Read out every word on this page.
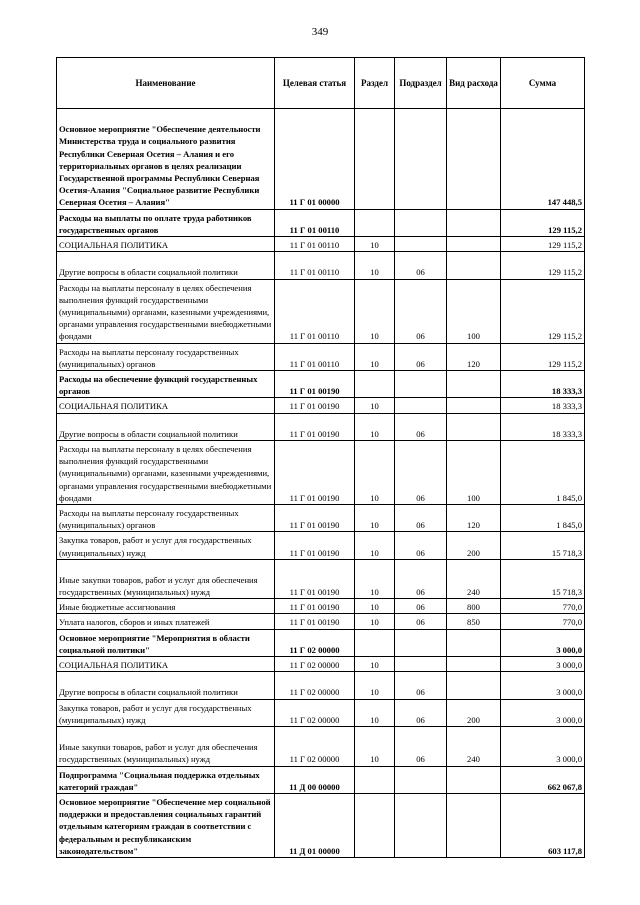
349
Наименование	Целевая статья	Раздел	Подраздел	Вид расхода	Сумма
Основное мероприятие "Обеспечение деятельности Министерства труда и социального развития Республики Северная Осетия – Алания и его территориальных органов в целях реализации Государственной программы Республики Северная Осетия-Алания "Социальное развитие Республики Северная Осетия – Алания"	11 Г 01 00000				147 448,5
Расходы на выплаты по оплате труда работников государственных органов	11 Г 01 00110				129 115,2
СОЦИАЛЬНАЯ ПОЛИТИКА	11 Г 01 00110	10			129 115,2
Другие вопросы в области социальной политики	11 Г 01 00110	10	06		129 115,2
Расходы на выплаты персоналу в целях обеспечения выполнения функций государственными (муниципальными) органами, казенными учреждениями, органами управления государственными внебюджетными фондами	11 Г 01 00110	10	06	100	129 115,2
Расходы на выплаты персоналу государственных (муниципальных) органов	11 Г 01 00110	10	06	120	129 115,2
Расходы на обеспечение функций государственных органов	11 Г 01 00190				18 333,3
СОЦИАЛЬНАЯ ПОЛИТИКА	11 Г 01 00190	10			18 333,3
Другие вопросы в области социальной политики	11 Г 01 00190	10	06		18 333,3
Расходы на выплаты персоналу в целях обеспечения выполнения функций государственными (муниципальными) органами, казенными учреждениями, органами управления государственными внебюджетными фондами	11 Г 01 00190	10	06	100	1 845,0
Расходы на выплаты персоналу государственных (муниципальных) органов	11 Г 01 00190	10	06	120	1 845,0
Закупка товаров, работ и услуг для государственных (муниципальных) нужд	11 Г 01 00190	10	06	200	15 718,3
Иные закупки товаров, работ и услуг для обеспечения государственных (муниципальных) нужд	11 Г 01 00190	10	06	240	15 718,3
Иные бюджетные ассигнования	11 Г 01 00190	10	06	800	770,0
Уплата налогов, сборов и иных платежей	11 Г 01 00190	10	06	850	770,0
Основное мероприятие "Мероприятия в области социальной политики"	11 Г 02 00000				3 000,0
СОЦИАЛЬНАЯ ПОЛИТИКА	11 Г 02 00000	10			3 000,0
Другие вопросы в области социальной политики	11 Г 02 00000	10	06		3 000,0
Закупка товаров, работ и услуг для государственных (муниципальных) нужд	11 Г 02 00000	10	06	200	3 000,0
Иные закупки товаров, работ и услуг для обеспечения государственных (муниципальных) нужд	11 Г 02 00000	10	06	240	3 000,0
Подпрограмма "Социальная поддержка отдельных категорий граждан"	11 Д 00 00000				662 067,8
Основное мероприятие "Обеспечение мер социальной поддержки и предоставления социальных гарантий отдельным категориям граждан в соответствии с федеральным и республиканским законодательством"	11 Д 01 00000				603 117,8
